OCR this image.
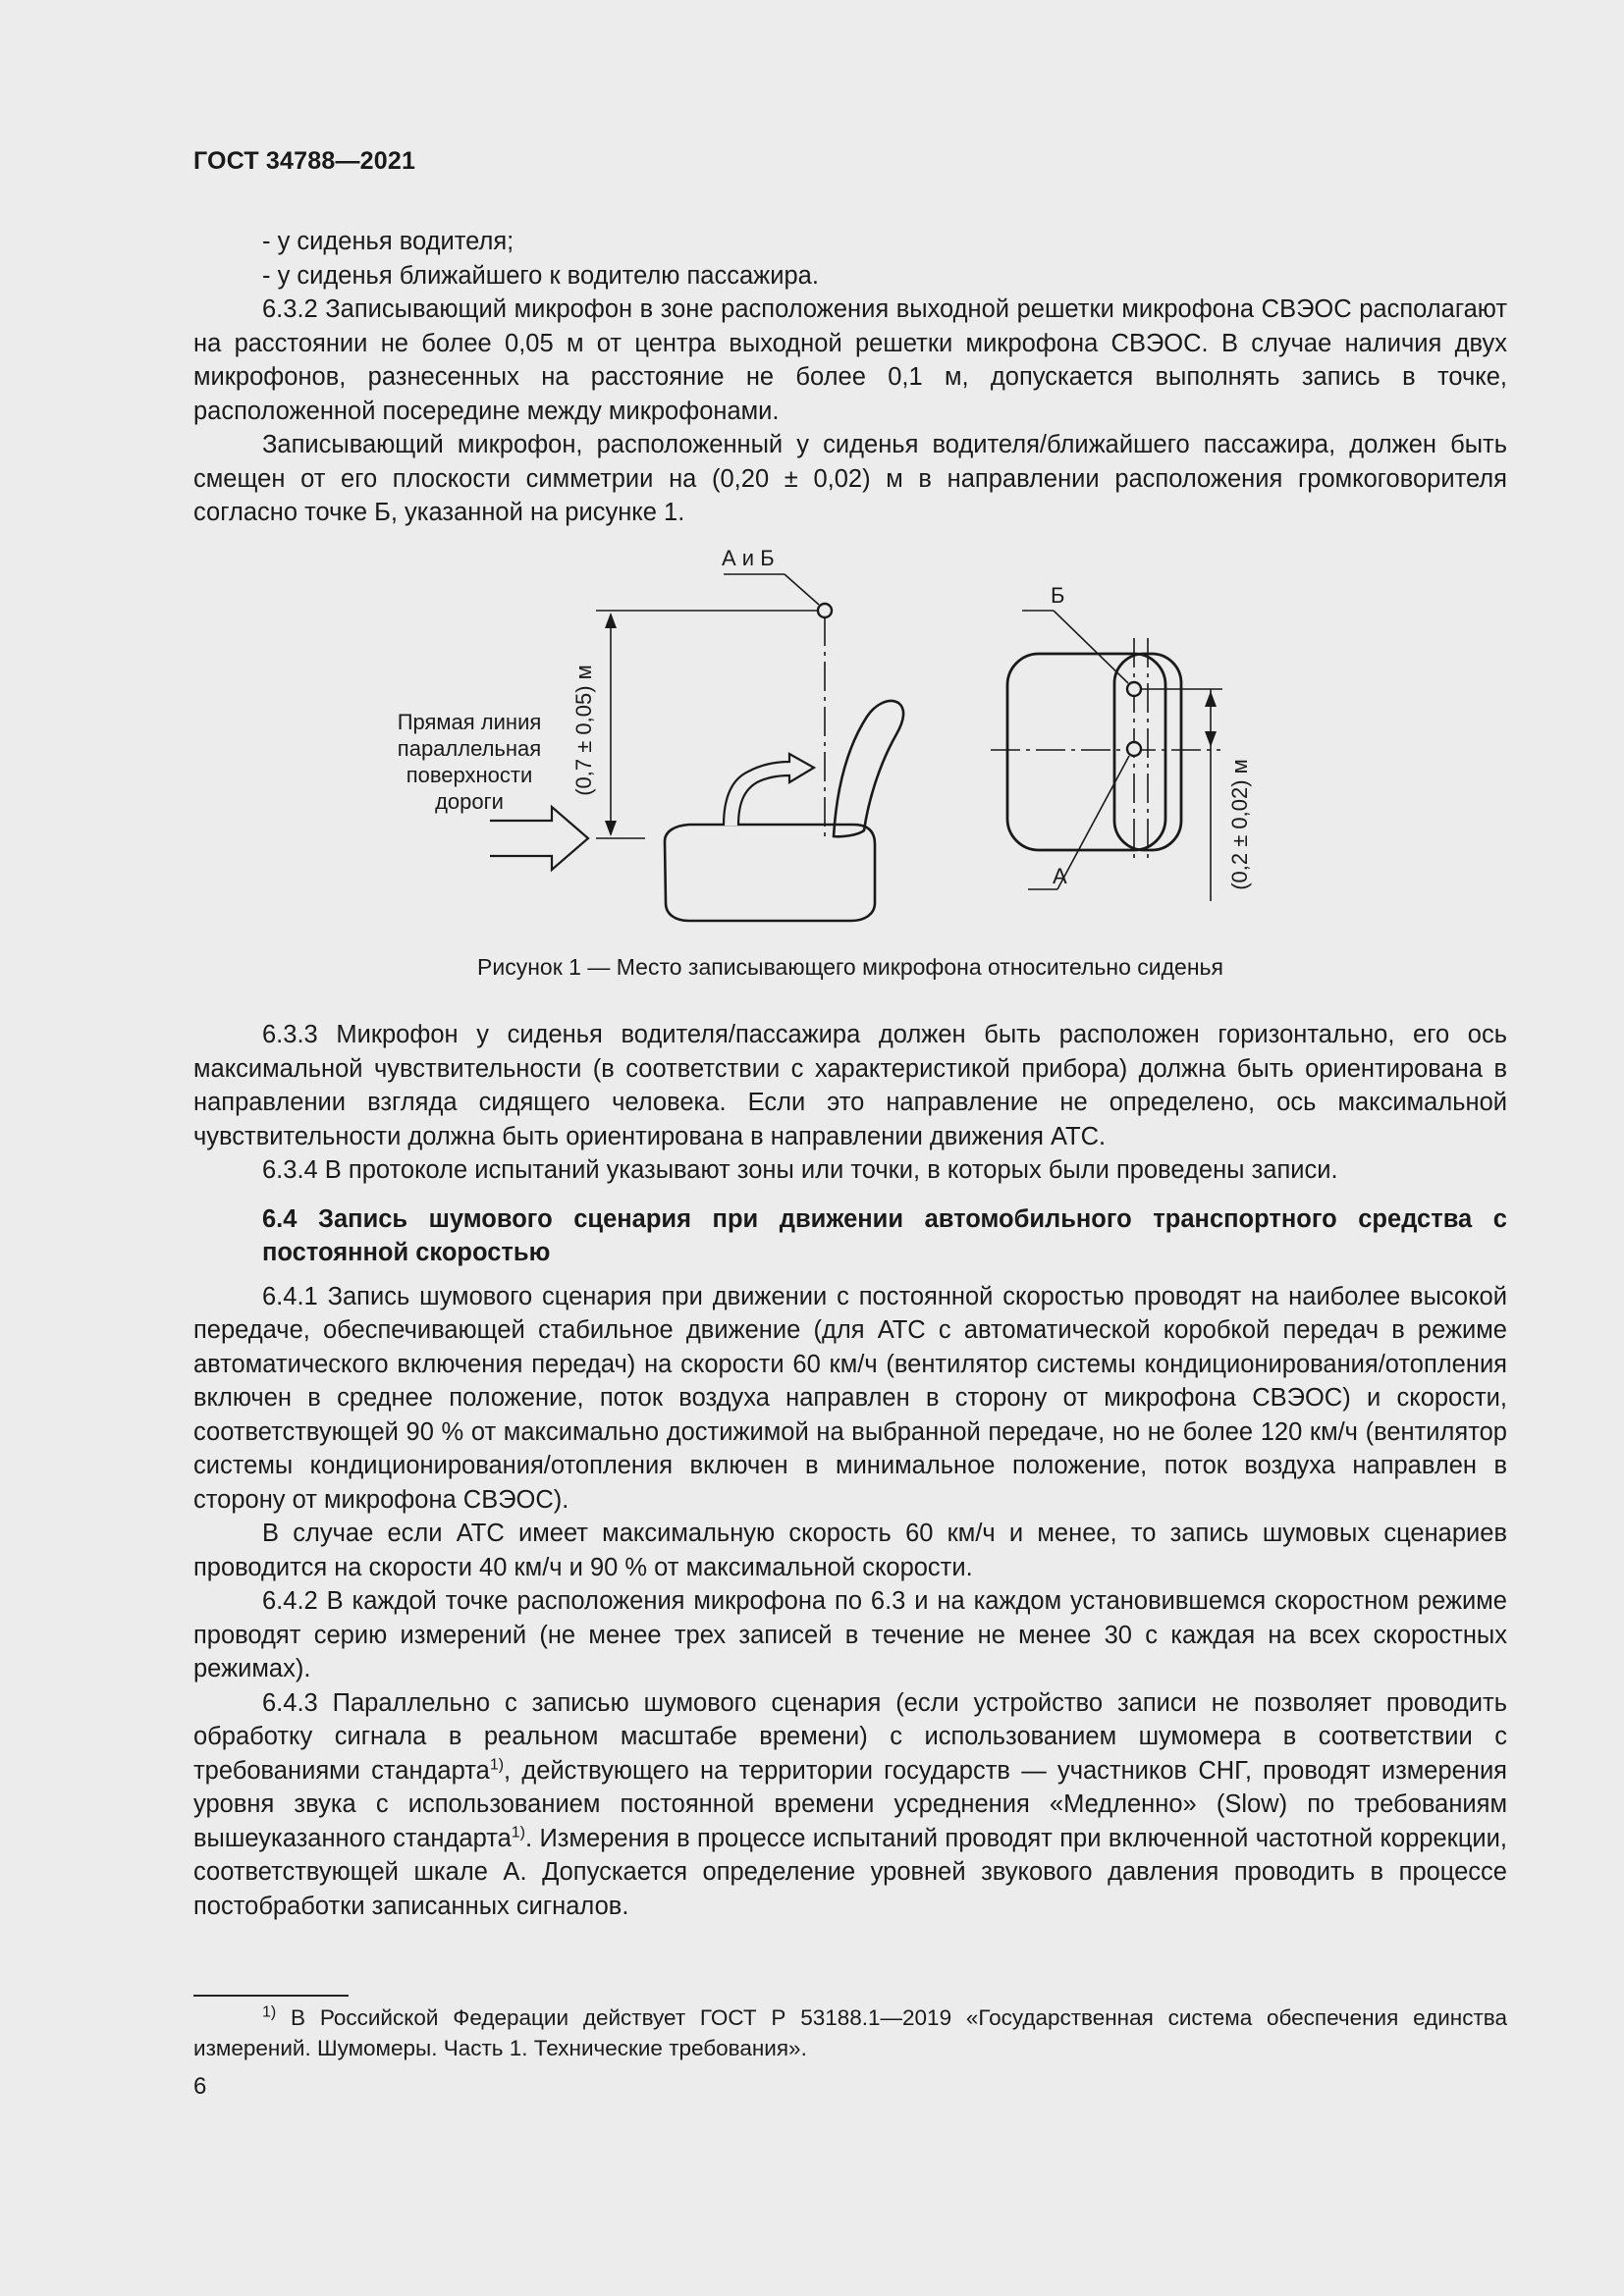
ГОСТ 34788—2021

- у сиденья водителя;

- у сиденья ближайшего к водителю пассажира.

6.3.2 Записывающий микрофон в зоне расположения выходной решетки микрофона СВЭОС располагают на расстоянии не более 0,05 м от центра выходной решетки микрофона СВЭОС. В случае наличия двух микрофонов, разнесенных на расстояние не более 0,1 м, допускается выполнять запись в точке, расположенной посередине между микрофонами.

Записывающий микрофон, расположенный у сиденья водителя/ближайшего пассажира, должен быть смещен от его плоскости симметрии на (0,20 ± 0,02) м в направлении расположения громкоговорителя согласно точке Б, указанной на рисунке 1.

А и Б
Б
А
(0,7 ± 0,05) м
(0,2 ± 0,02) м
Прямая линия
параллельная
поверхности
дороги
Рисунок 1 — Место записывающего микрофона относительно сиденья

6.3.3 Микрофон у сиденья водителя/пассажира должен быть расположен горизонтально, его ось максимальной чувствительности (в соответствии с характеристикой прибора) должна быть ориентирована в направлении взгляда сидящего человека. Если это направление не определено, ось максимальной чувствительности должна быть ориентирована в направлении движения АТС.

6.3.4 В протоколе испытаний указывают зоны или точки, в которых были проведены записи.

6.4 Запись шумового сценария при движении автомобильного транспортного средства с постоянной скоростью

6.4.1 Запись шумового сценария при движении с постоянной скоростью проводят на наиболее высокой передаче, обеспечивающей стабильное движение (для АТС с автоматической коробкой передач в режиме автоматического включения передач) на скорости 60 км/ч (вентилятор системы кондиционирования/отопления включен в среднее положение, поток воздуха направлен в сторону от микрофона СВЭОС) и скорости, соответствующей 90 % от максимально достижимой на выбранной передаче, но не более 120 км/ч (вентилятор системы кондиционирования/отопления включен в минимальное положение, поток воздуха направлен в сторону от микрофона СВЭОС).

В случае если АТС имеет максимальную скорость 60 км/ч и менее, то запись шумовых сценариев проводится на скорости 40 км/ч и 90 % от максимальной скорости.

6.4.2 В каждой точке расположения микрофона по 6.3 и на каждом установившемся скоростном режиме проводят серию измерений (не менее трех записей в течение не менее 30 с каждая на всех скоростных режимах).

6.4.3 Параллельно с записью шумового сценария (если устройство записи не позволяет проводить обработку сигнала в реальном масштабе времени) с использованием шумомера в соответствии с требованиями стандарта$^{1)}$, действующего на территории государств — участников СНГ, проводят измерения уровня звука с использованием постоянной времени усреднения «Медленно» (Slow) по требованиям вышеуказанного стандарта$^{1)}$. Измерения в процессе испытаний проводят при включенной частотной коррекции, соответствующей шкале А. Допускается определение уровней звукового давления проводить в процессе постобработки записанных сигналов.

$^{1)}$ В Российской Федерации действует ГОСТ Р 53188.1—2019 «Государственная система обеспечения единства измерений. Шумомеры. Часть 1. Технические требования».

6
